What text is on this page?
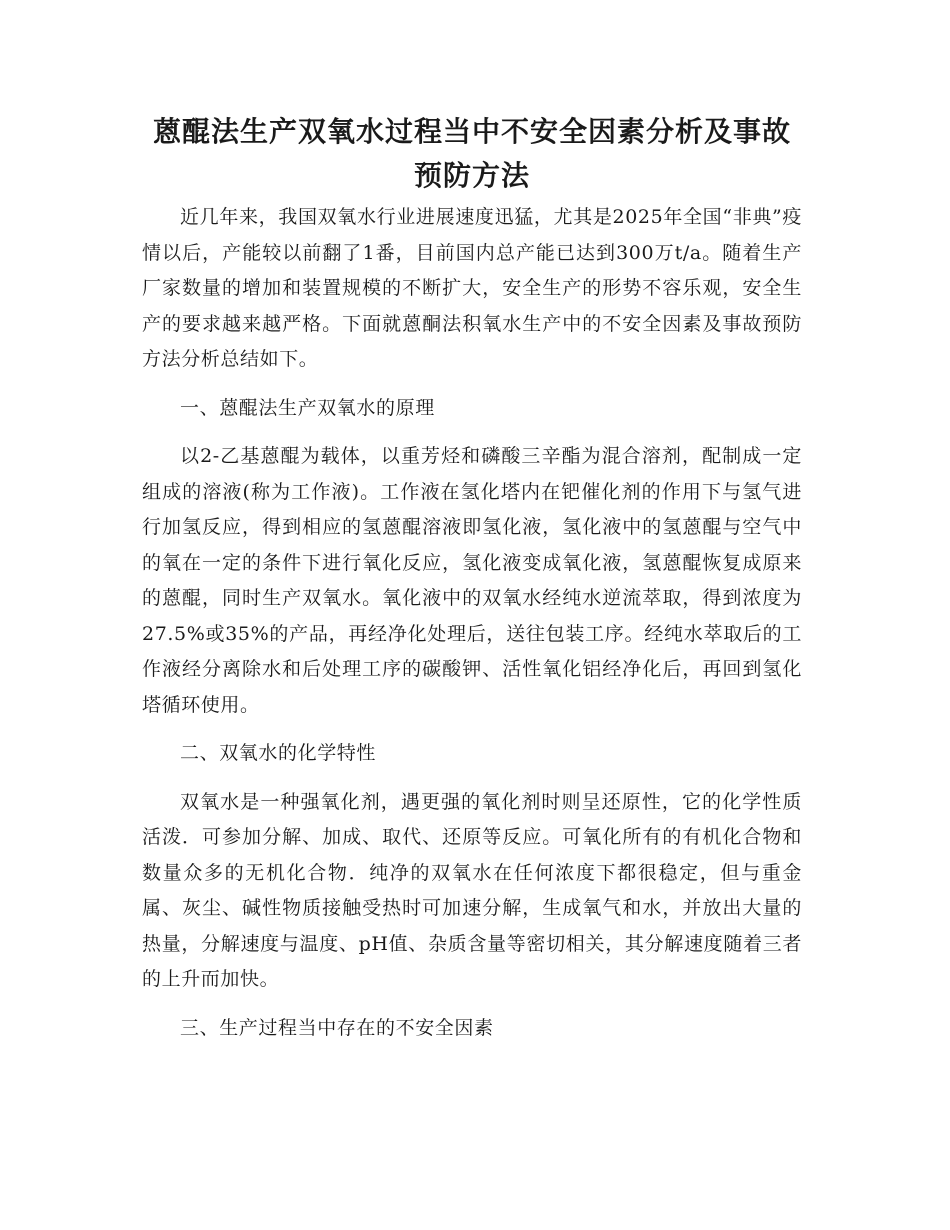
蒽醌法生产双氧水过程当中不安全因素分析及事故预防方法

近几年来，我国双氧水行业进展速度迅猛，尤其是2025年全国“非典”疫情以后，产能较以前翻了1番，目前国内总产能已达到300万t/a。随着生产厂家数量的增加和装置规模的不断扩大，安全生产的形势不容乐观，安全生产的要求越来越严格。下面就蒽酮法积氧水生产中的不安全因素及事故预防方法分析总结如下。

一、蒽醌法生产双氧水的原理

以2-乙基蒽醌为载体，以重芳烃和磷酸三辛酯为混合溶剂，配制成一定组成的溶液(称为工作液)。工作液在氢化塔内在钯催化剂的作用下与氢气进行加氢反应，得到相应的氢蒽醌溶液即氢化液，氢化液中的氢蒽醌与空气中的氧在一定的条件下进行氧化反应，氢化液变成氧化液，氢蒽醌恢复成原来的蒽醌，同时生产双氧水。氧化液中的双氧水经纯水逆流萃取，得到浓度为27.5%或35%的产品，再经净化处理后，送往包装工序。经纯水萃取后的工作液经分离除水和后处理工序的碳酸钾、活性氧化铝经净化后，再回到氢化塔循环使用。

二、双氧水的化学特性

双氧水是一种强氧化剂，遇更强的氧化剂时则呈还原性，它的化学性质活泼．可参加分解、加成、取代、还原等反应。可氧化所有的有机化合物和数量众多的无机化合物．纯净的双氧水在任何浓度下都很稳定，但与重金属、灰尘、碱性物质接触受热时可加速分解，生成氧气和水，并放出大量的热量，分解速度与温度、pH值、杂质含量等密切相关，其分解速度随着三者的上升而加快。

三、生产过程当中存在的不安全因素
